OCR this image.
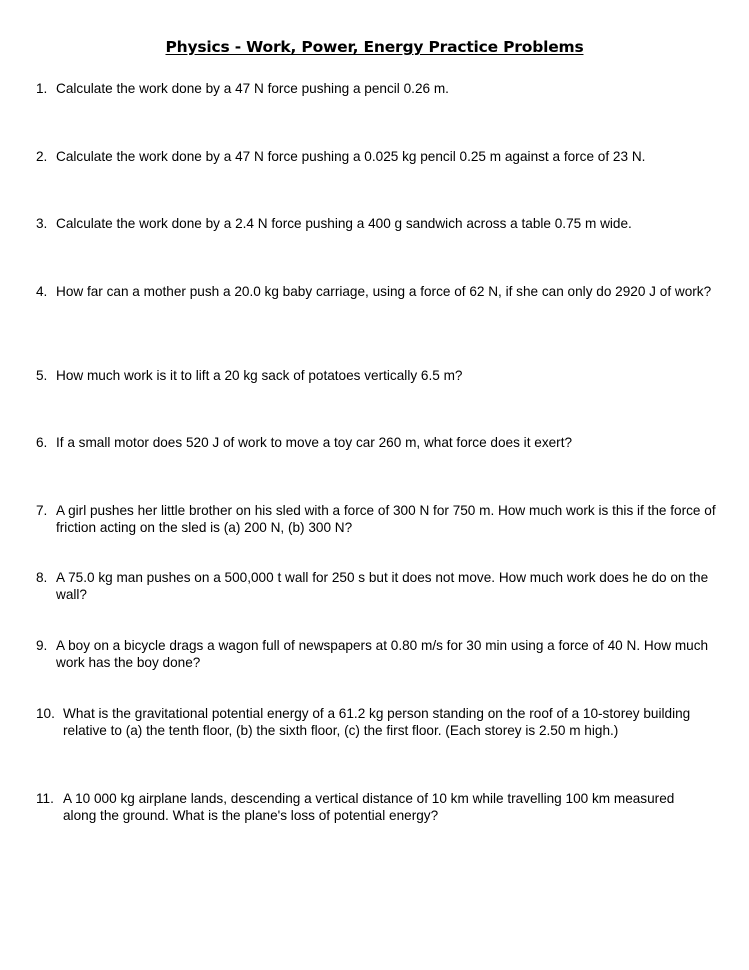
Physics - Work, Power, Energy Practice Problems
1. Calculate the work done by a 47 N force pushing a pencil 0.26 m.
2. Calculate the work done by a 47 N force pushing a 0.025 kg pencil 0.25 m against a force of 23 N.
3. Calculate the work done by a 2.4 N force pushing a 400 g sandwich across a table 0.75 m wide.
4. How far can a mother push a 20.0 kg baby carriage, using a force of 62 N, if she can only do 2920 J of work?
5. How much work is it to lift a 20 kg sack of potatoes vertically 6.5 m?
6. If a small motor does 520 J of work to move a toy car 260 m, what force does it exert?
7. A girl pushes her little brother on his sled with a force of 300 N for 750 m. How much work is this if the force of friction acting on the sled is (a) 200 N, (b) 300 N?
8. A 75.0 kg man pushes on a 500,000 t wall for 250 s but it does not move. How much work does he do on the wall?
9. A boy on a bicycle drags a wagon full of newspapers at 0.80 m/s for 30 min using a force of 40 N. How much work has the boy done?
10. What is the gravitational potential energy of a 61.2 kg person standing on the roof of a 10-storey building relative to (a) the tenth floor, (b) the sixth floor, (c) the first floor. (Each storey is 2.50 m high.)
11. A 10 000 kg airplane lands, descending a vertical distance of 10 km while travelling 100 km measured along the ground. What is the plane's loss of potential energy?
